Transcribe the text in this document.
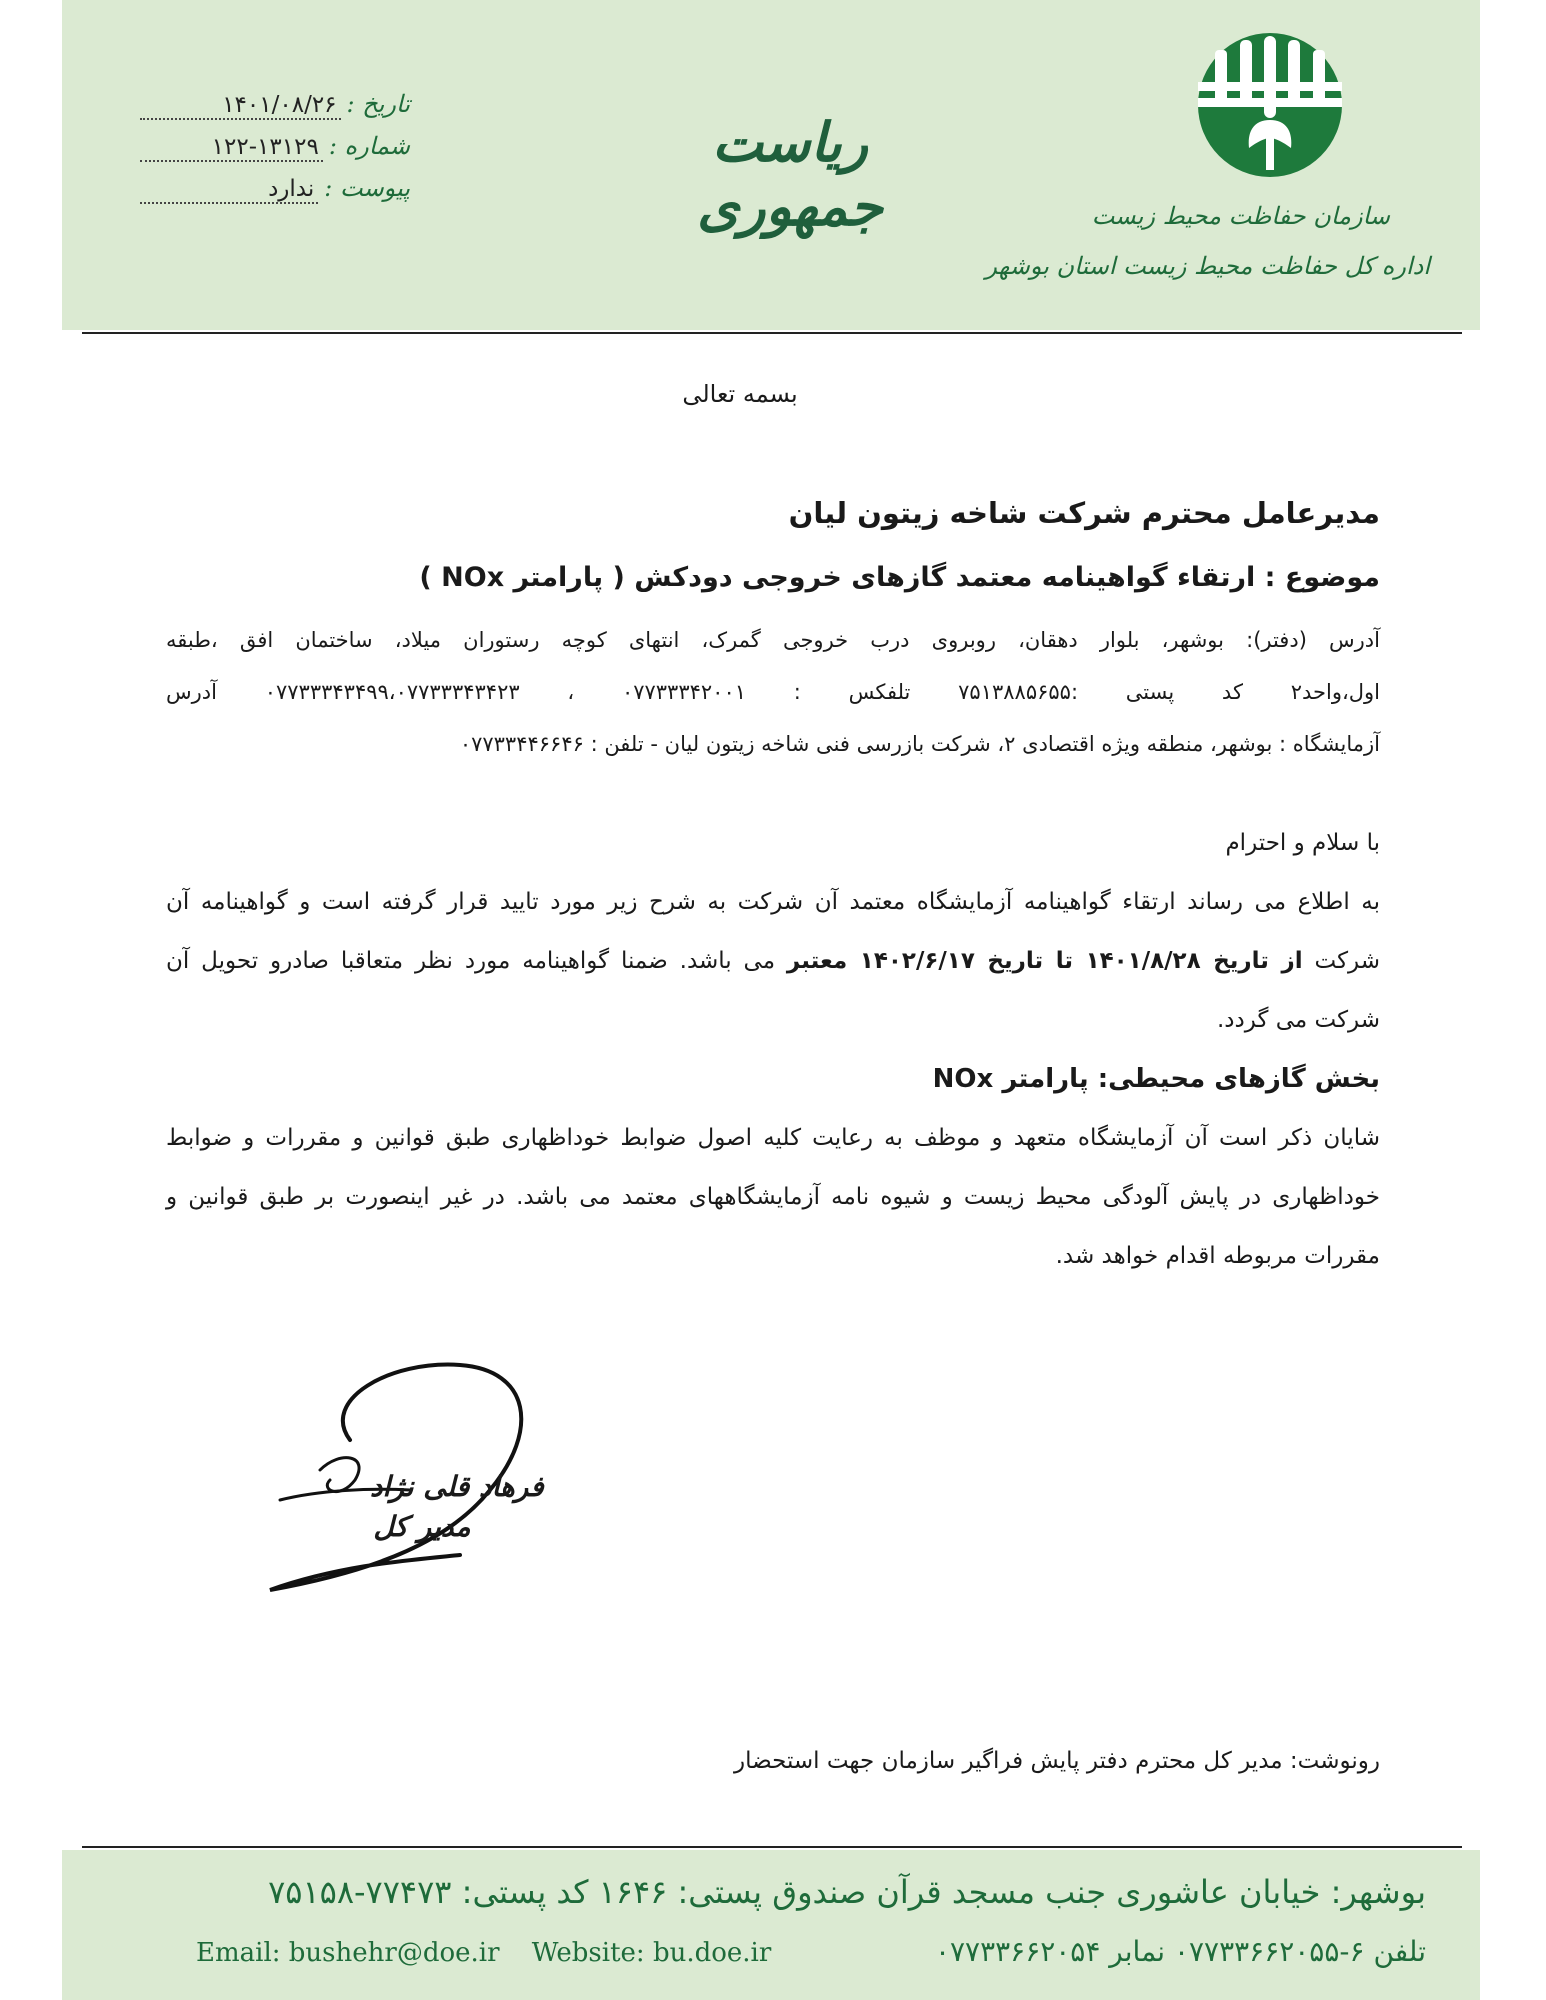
سازمان حفاظت محیط زیست
اداره کل حفاظت محیط زیست استان بوشهر
ریاست جمهوری
تاریخ :
۱۴۰۱/۰۸/۲۶
شماره :
۱۲۲-۱۳۱۲۹
پیوست :
ندارد
بسمه تعالی
مدیرعامل محترم شرکت شاخه زیتون لیان
موضوع : ارتقاء گواهینامه معتمد گازهای خروجی دودکش ( پارامتر NOx )
آدرس (دفتر): بوشهر، بلوار دهقان، روبروی درب خروجی گمرک، انتهای کوچه رستوران میلاد، ساختمان افق ،طبقه
اول،واحد۲ کد پستی :۷۵۱۳۸۸۵۶۵۵ تلفکس : ۰۷۷۳۳۳۴۲۰۰۱ ، ۰۷۷۳۳۳۴۳۴۹۹،۰۷۷۳۳۳۴۳۴۲۳ آدرس
آزمایشگاه : بوشهر، منطقه ویژه اقتصادی ۲، شرکت بازرسی فنی شاخه زیتون لیان - تلفن : ۰۷۷۳۳۴۴۶۶۴۶
با سلام و احترام
به اطلاع می رساند ارتقاء گواهینامه آزمایشگاه معتمد آن شرکت به شرح زیر مورد تایید قرار گرفته است و گواهینامه آن
شرکت از تاریخ ۱۴۰۱/۸/۲۸ تا تاریخ ۱۴۰۲/۶/۱۷ معتبر می باشد. ضمنا گواهینامه مورد نظر متعاقبا صادرو تحویل آن
شرکت می گردد.
بخش گازهای محیطی: پارامتر NOx
شایان ذکر است آن آزمایشگاه متعهد و موظف به رعایت کلیه اصول ضوابط خوداظهاری طبق قوانین و مقررات و ضوابط
خوداظهاری در پایش آلودگی محیط زیست و شیوه نامه آزمایشگاههای معتمد می باشد. در غیر اینصورت بر طبق قوانین و
مقررات مربوطه اقدام خواهد شد.
فرهاد قلی نژاد
مدیر کل
رونوشت: مدیر کل محترم دفتر پایش فراگیر سازمان جهت استحضار
بوشهر: خیابان عاشوری جنب مسجد قرآن صندوق پستی: ۱۶۴۶ کد پستی: ۷۷۴۷۳-۷۵۱۵۸
تلفن ۶-۰۷۷۳۳۶۶۲۰۵۵ نمابر ۰۷۷۳۳۶۶۲۰۵۴
Email: bushehr@doe.ir Website: bu.doe.ir
